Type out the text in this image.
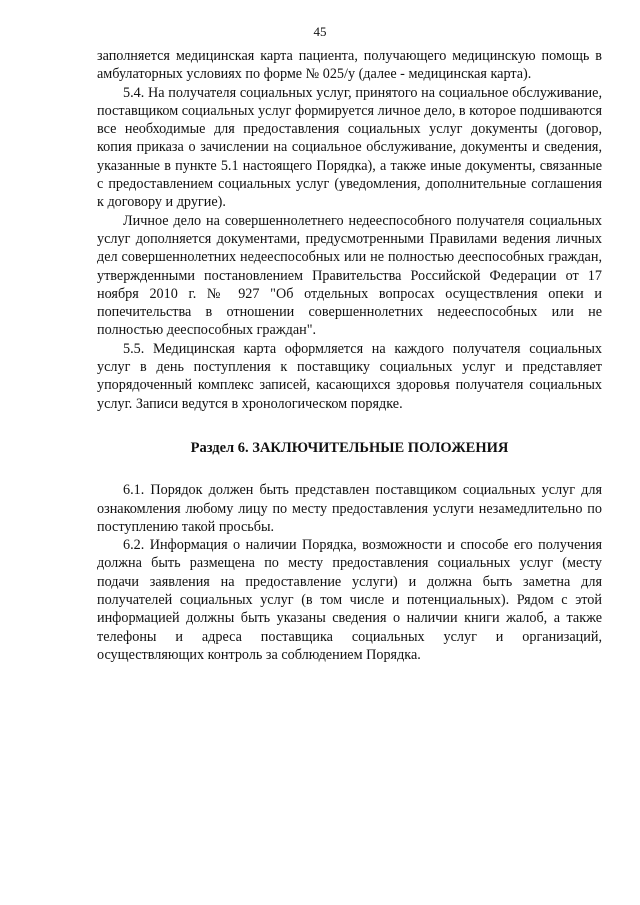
45

заполняется медицинская карта пациента, получающего медицинскую помощь в амбулаторных условиях по форме № 025/у (далее - медицинская карта).

5.4. На получателя социальных услуг, принятого на социальное обслуживание, поставщиком социальных услуг формируется личное дело, в которое подшиваются все необходимые для предоставления социальных услуг документы (договор, копия приказа о зачислении на социальное обслуживание, документы и сведения, указанные в пункте 5.1 настоящего Порядка), а также иные документы, связанные с предоставлением социальных услуг (уведомления, дополнительные соглашения к договору и другие).

Личное дело на совершеннолетнего недееспособного получателя социальных услуг дополняется документами, предусмотренными Правилами ведения личных дел совершеннолетних недееспособных или не полностью дееспособных граждан, утвержденными постановлением Правительства Российской Федерации от 17 ноября 2010 г. № 927 "Об отдельных вопросах осуществления опеки и попечительства в отношении совершеннолетних недееспособных или не полностью дееспособных граждан".

5.5. Медицинская карта оформляется на каждого получателя социальных услуг в день поступления к поставщику социальных услуг и представляет упорядоченный комплекс записей, касающихся здоровья получателя социальных услуг. Записи ведутся в хронологическом порядке.

Раздел 6. ЗАКЛЮЧИТЕЛЬНЫЕ ПОЛОЖЕНИЯ

6.1. Порядок должен быть представлен поставщиком социальных услуг для ознакомления любому лицу по месту предоставления услуги незамедлительно по поступлению такой просьбы.

6.2. Информация о наличии Порядка, возможности и способе его получения должна быть размещена по месту предоставления социальных услуг (месту подачи заявления на предоставление услуги) и должна быть заметна для получателей социальных услуг (в том числе и потенциальных). Рядом с этой информацией должны быть указаны сведения о наличии книги жалоб, а также телефоны и адреса поставщика социальных услуг и организаций, осуществляющих контроль за соблюдением Порядка.
